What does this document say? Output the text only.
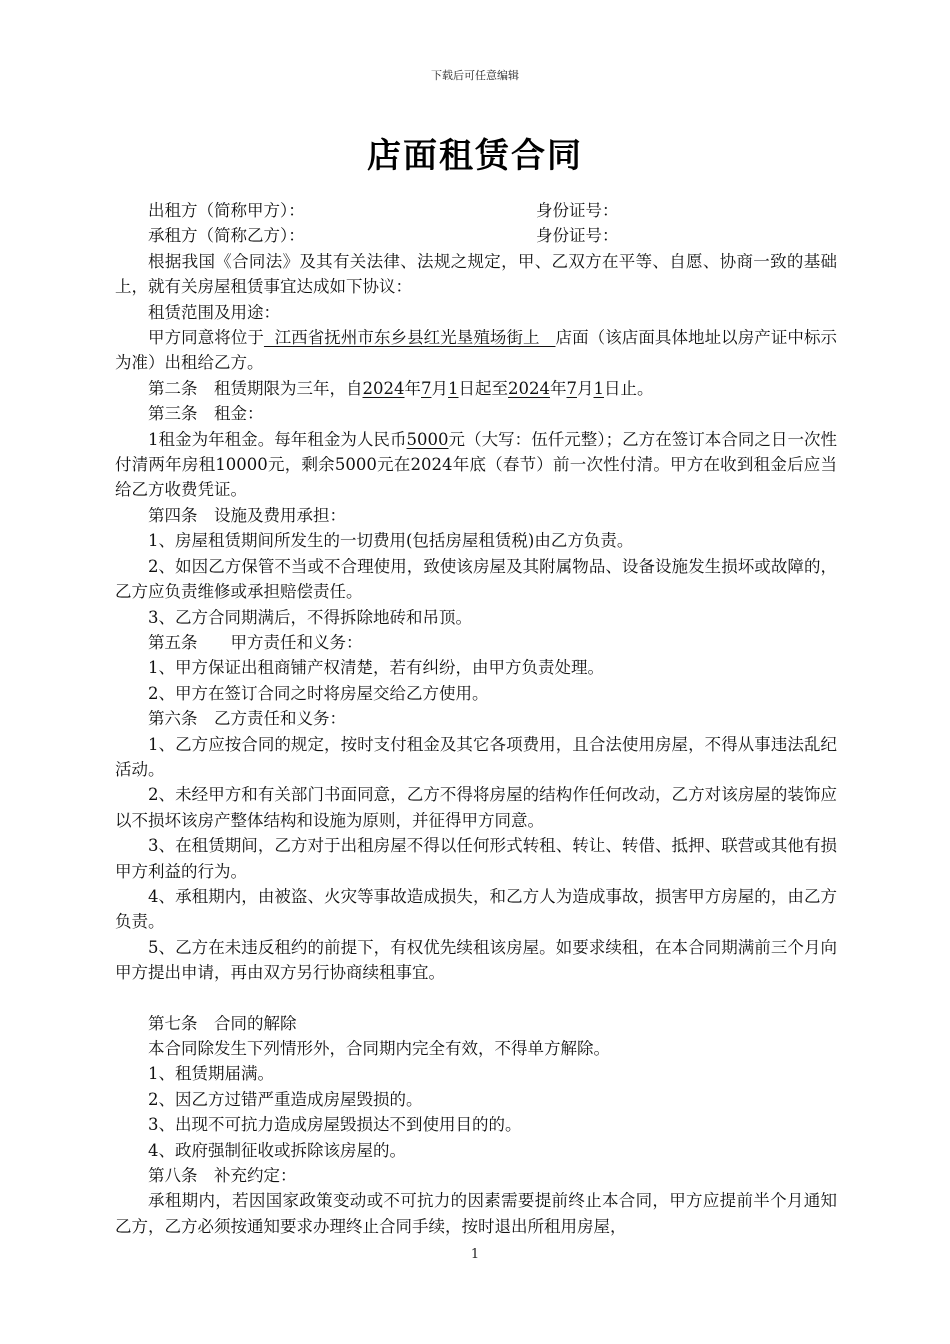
下载后可任意编辑
店面租赁合同
出租方（简称甲方）：	身份证号：
承租方（简称乙方）：	身份证号：

根据我国《合同法》及其有关法律、法规之规定，甲、乙双方在平等、自愿、协商一致的基础上，就有关房屋租赁事宜达成如下协议：

租赁范围及用途：

甲方同意将位于  江西省抚州市东乡县红光垦殖场街上   店面（该店面具体地址以房产证中标示为准）出租给乙方。

第二条　租赁期限为三年，自2024年7月1日起至2024年7月1日止。

第三条　租金：

1租金为年租金。每年租金为人民币5000元（大写：伍仟元整）；乙方在签订本合同之日一次性付清两年房租10000元，剩余5000元在2024年底（春节）前一次性付清。甲方在收到租金后应当给乙方收费凭证。

第四条　设施及费用承担：

1、房屋租赁期间所发生的一切费用(包括房屋租赁税)由乙方负责。

2、如因乙方保管不当或不合理使用，致使该房屋及其附属物品、设备设施发生损坏或故障的，乙方应负责维修或承担赔偿责任。

3、乙方合同期满后，不得拆除地砖和吊顶。

第五条　　甲方责任和义务：

1、甲方保证出租商铺产权清楚，若有纠纷，由甲方负责处理。

2、甲方在签订合同之时将房屋交给乙方使用。

第六条　乙方责任和义务：

1、乙方应按合同的规定，按时支付租金及其它各项费用，且合法使用房屋，不得从事违法乱纪活动。

2、未经甲方和有关部门书面同意，乙方不得将房屋的结构作任何改动，乙方对该房屋的装饰应以不损坏该房产整体结构和设施为原则，并征得甲方同意。

3、在租赁期间，乙方对于出租房屋不得以任何形式转租、转让、转借、抵押、联营或其他有损甲方利益的行为。

4、承租期内，由被盗、火灾等事故造成损失，和乙方人为造成事故，损害甲方房屋的，由乙方负责。

5、乙方在未违反租约的前提下，有权优先续租该房屋。如要求续租，在本合同期满前三个月向甲方提出申请，再由双方另行协商续租事宜。

第七条　合同的解除

本合同除发生下列情形外，合同期内完全有效，不得单方解除。

1、租赁期届满。

2、因乙方过错严重造成房屋毁损的。

3、出现不可抗力造成房屋毁损达不到使用目的的。

4、政府强制征收或拆除该房屋的。

第八条　补充约定：

承租期内，若因国家政策变动或不可抗力的因素需要提前终止本合同，甲方应提前半个月通知乙方，乙方必须按通知要求办理终止合同手续，按时退出所租用房屋，

1
